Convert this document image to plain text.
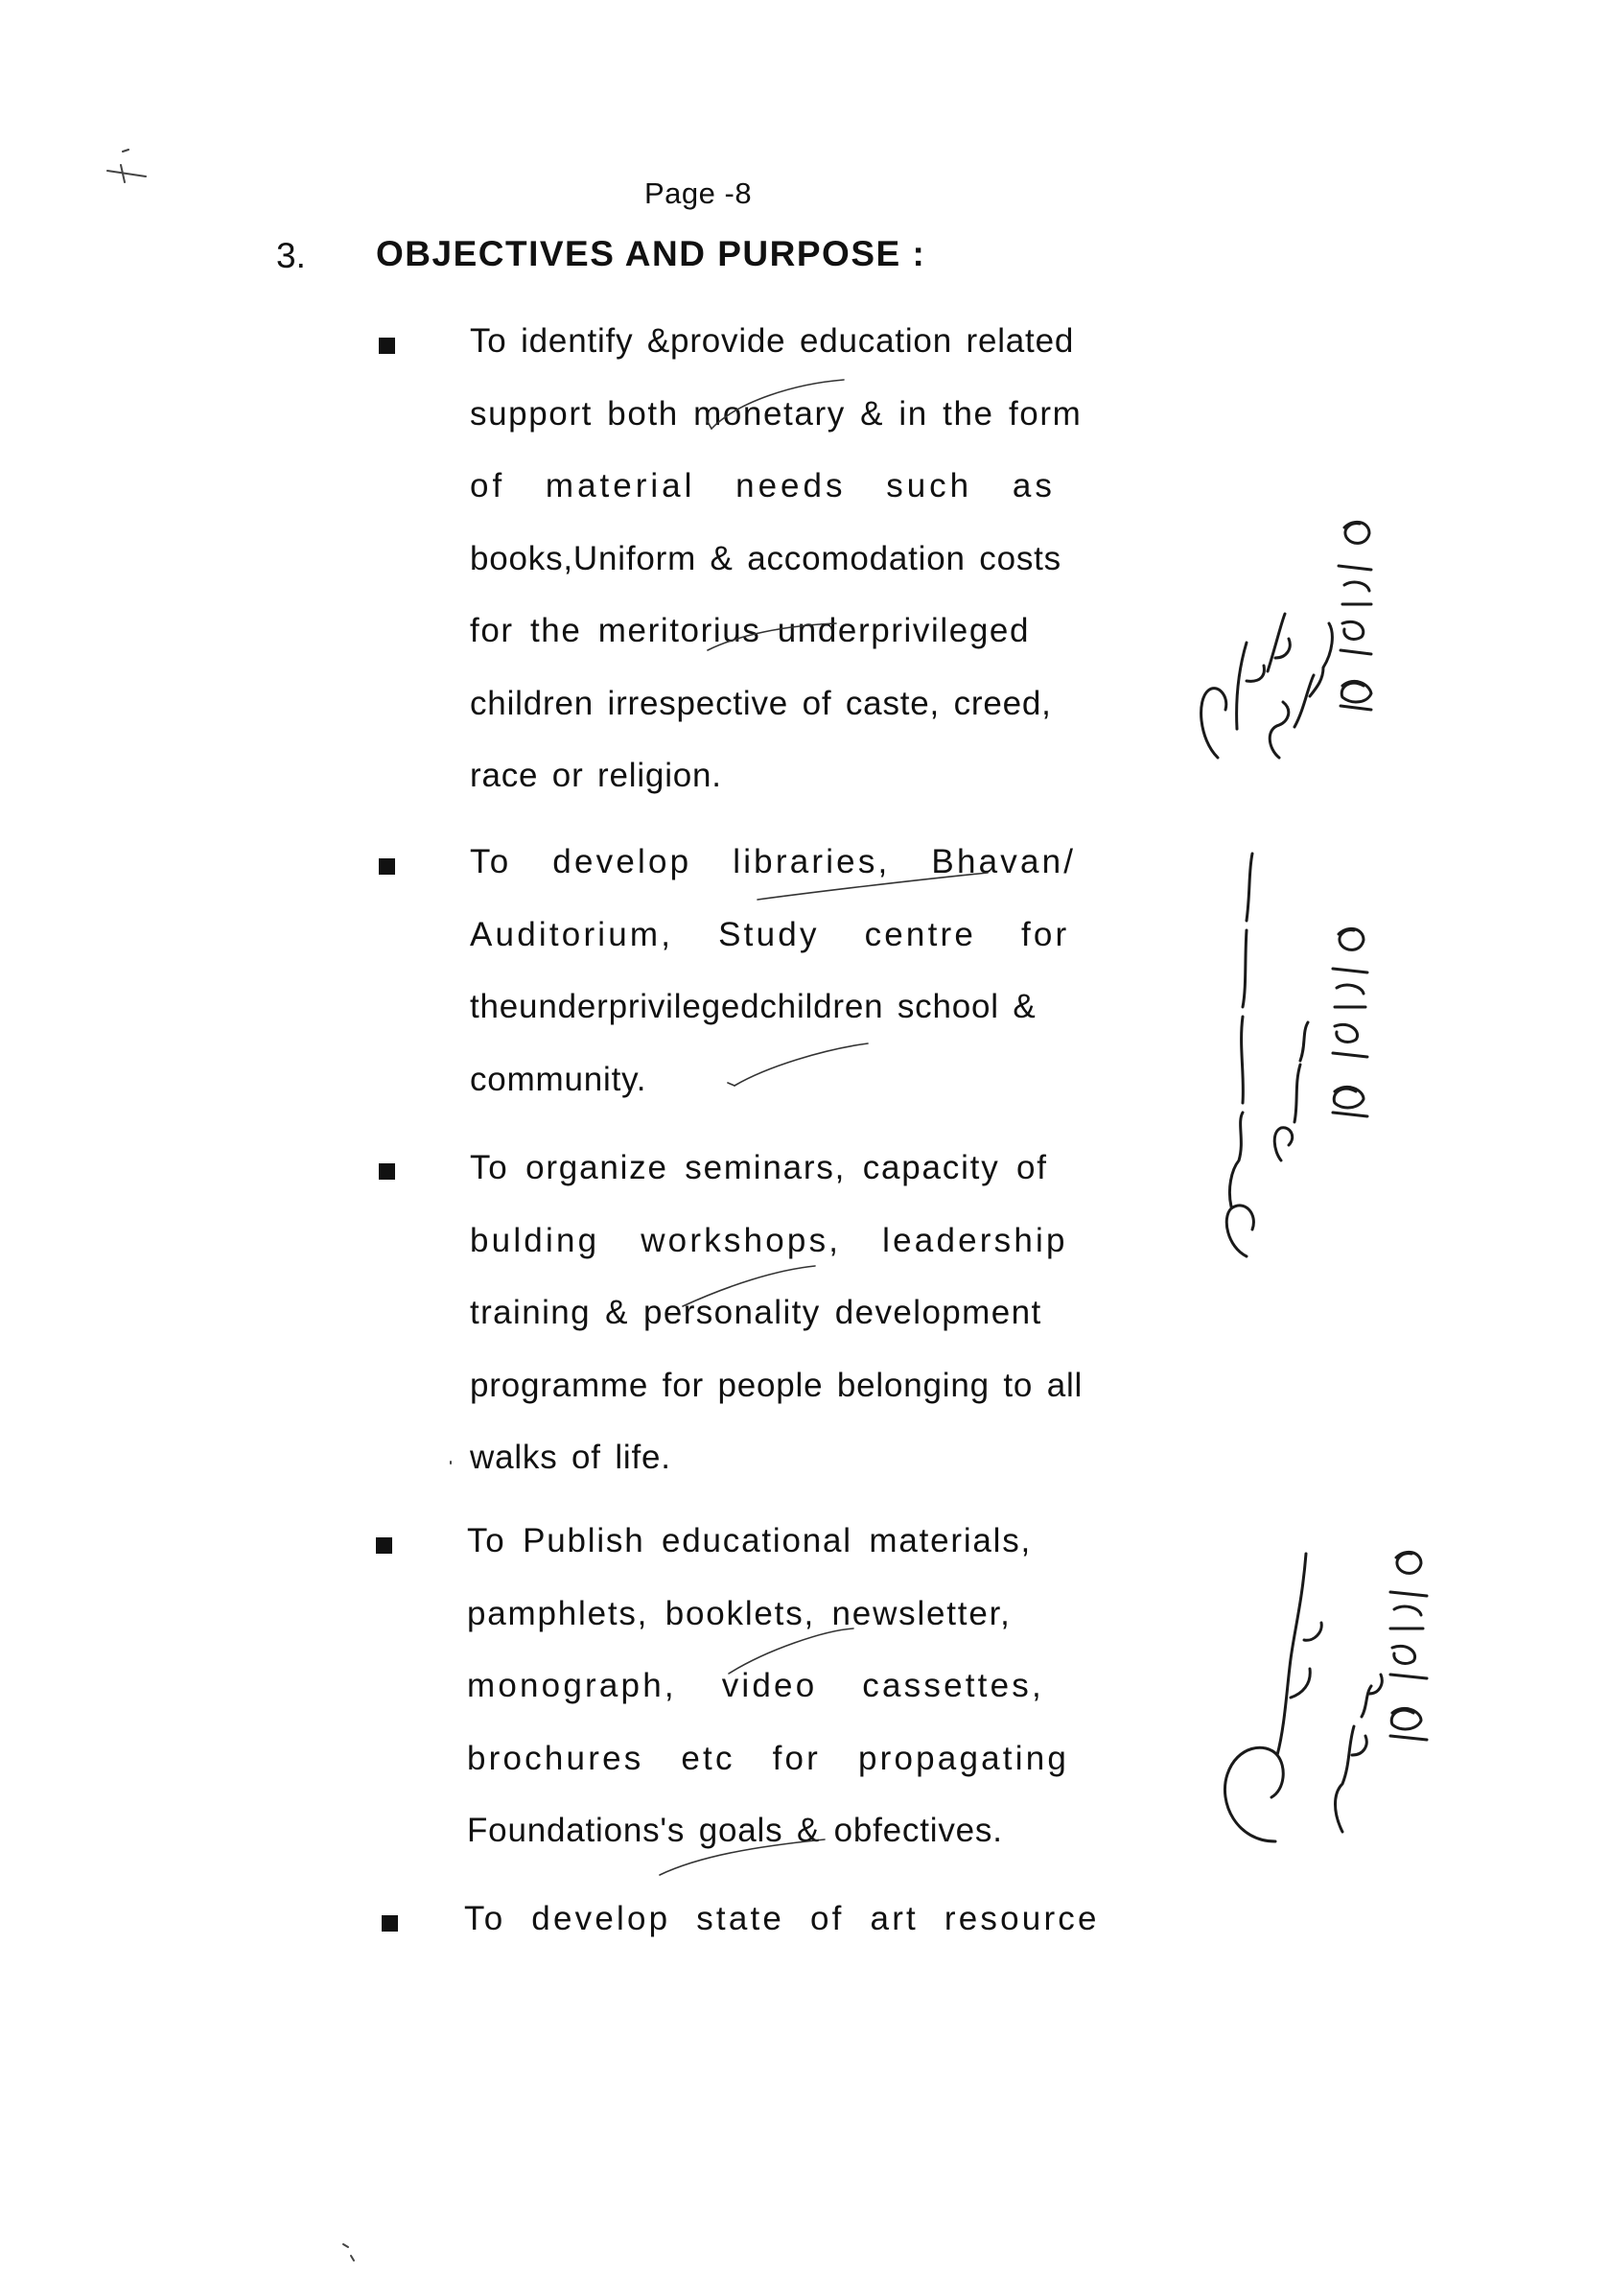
Page -8
3. OBJECTIVES AND PURPOSE :
To identify &provide education related
support both monetary & in the form
of material needs such as
books,Uniform & accomodation costs
for the meritorius underprivileged
children irrespective of caste, creed,
race or religion.
To develop libraries, Bhavan/
Auditorium, Study centre for
theunderprivilegedchildren school &
community.
To organize seminars, capacity of
bulding workshops, leadership
training & personality development
programme for people belonging to all
walks of life.
To Publish educational materials,
pamphlets, booklets, newsletter,
monograph, video cassettes,
brochures etc for propagating
Foundations's goals & obfectives.
To develop state of art resource
